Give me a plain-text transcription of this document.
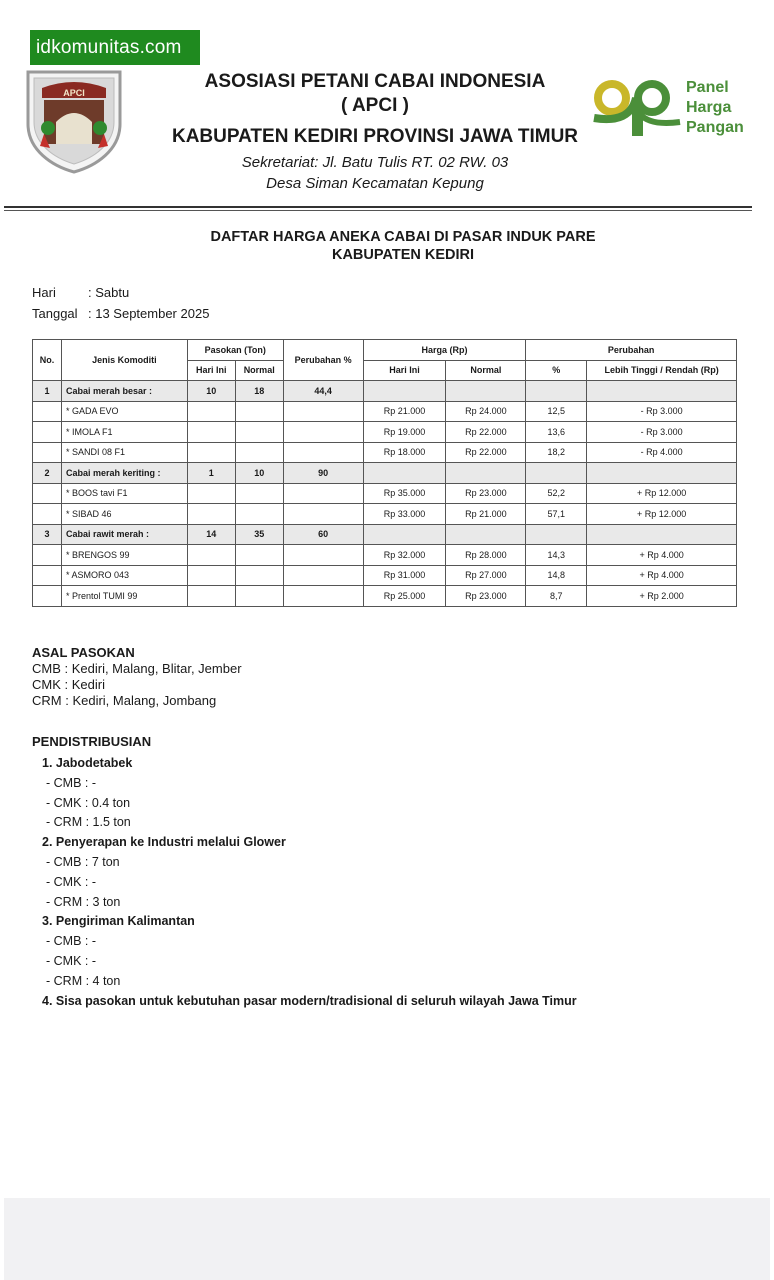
idkomunitas.com
APCI	Panel
Harga
Pangan
ASOSIASI PETANI CABAI INDONESIA
( APCI )
KABUPATEN KEDIRI PROVINSI JAWA TIMUR
Sekretariat: Jl. Batu Tulis RT. 02 RW. 03
Desa Siman Kecamatan Kepung
DAFTAR HARGA ANEKA CABAI DI PASAR INDUK PARE
KABUPATEN KEDIRI
Hari	: Sabtu
Tanggal : 13 September 2025
No.	Jenis Komoditi	Pasokan (Ton)		Perubahan %	Harga (Rp)		Perubahan	
		Hari Ini	Normal		Hari Ini	Normal	%	Lebih Tinggi / Rendah (Rp)
1	Cabai merah besar :	10	18	44,4				
	* GADA EVO				Rp 21.000	Rp 24.000	12,5	- Rp 3.000
	* IMOLA F1				Rp 19.000	Rp 22.000	13,6	- Rp 3.000
	* SANDI 08 F1				Rp 18.000	Rp 22.000	18,2	- Rp 4.000
2	Cabai merah keriting :	1	10	90				
	* BOOS tavi F1				Rp 35.000	Rp 23.000	52,2	+ Rp 12.000
	* SIBAD 46				Rp 33.000	Rp 21.000	57,1	+ Rp 12.000
3	Cabai rawit merah :	14	35	60				
	* BRENGOS 99				Rp 32.000	Rp 28.000	14,3	+ Rp 4.000
	* ASMORO 043				Rp 31.000	Rp 27.000	14,8	+ Rp 4.000
	* Prentol TUMI 99				Rp 25.000	Rp 23.000	8,7	+ Rp 2.000
ASAL PASOKAN
CMB : Kediri, Malang, Blitar, Jember
CMK : Kediri
CRM : Kediri, Malang, Jombang
PENDISTRIBUSIAN
1. Jabodetabek
- CMB : -
- CMK : 0.4 ton
- CRM : 1.5 ton
2. Penyerapan ke Industri melalui Glower
- CMB : 7 ton
- CMK : -
- CRM : 3 ton
3. Pengiriman Kalimantan
- CMB : -
- CMK : -
- CRM : 4 ton
4. Sisa pasokan untuk kebutuhan pasar modern/tradisional di seluruh wilayah Jawa Timur
